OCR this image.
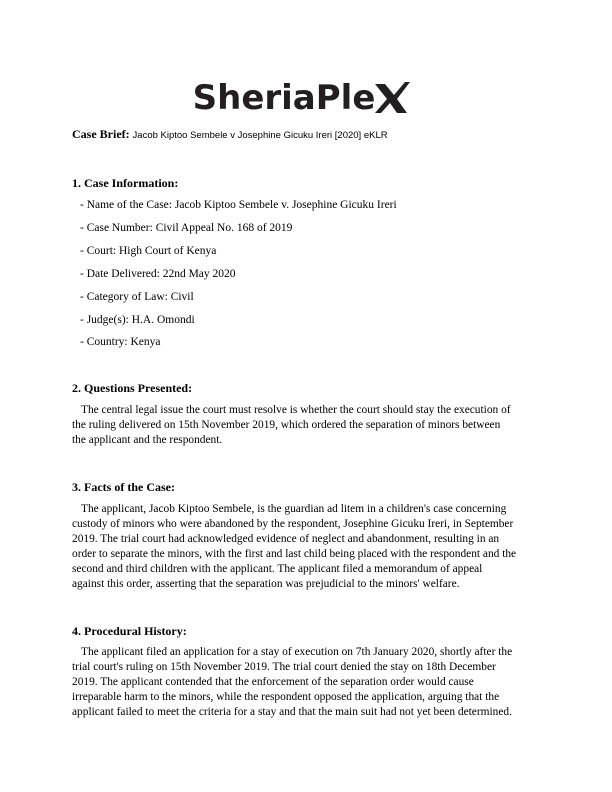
SheriaPle
Case Brief: Jacob Kiptoo Sembele v Josephine Gicuku Ireri [2020] eKLR
1. Case Information:
- Name of the Case: Jacob Kiptoo Sembele v. Josephine Gicuku Ireri
- Case Number: Civil Appeal No. 168 of 2019
- Court: High Court of Kenya
- Date Delivered: 22nd May 2020
- Category of Law: Civil
- Judge(s): H.A. Omondi
- Country: Kenya
2. Questions Presented:
The central legal issue the court must resolve is whether the court should stay the execution of
the ruling delivered on 15th November 2019, which ordered the separation of minors between
the applicant and the respondent.
3. Facts of the Case:
The applicant, Jacob Kiptoo Sembele, is the guardian ad litem in a children's case concerning
custody of minors who were abandoned by the respondent, Josephine Gicuku Ireri, in September
2019. The trial court had acknowledged evidence of neglect and abandonment, resulting in an
order to separate the minors, with the first and last child being placed with the respondent and the
second and third children with the applicant. The applicant filed a memorandum of appeal
against this order, asserting that the separation was prejudicial to the minors' welfare.
4. Procedural History:
The applicant filed an application for a stay of execution on 7th January 2020, shortly after the
trial court's ruling on 15th November 2019. The trial court denied the stay on 18th December
2019. The applicant contended that the enforcement of the separation order would cause
irreparable harm to the minors, while the respondent opposed the application, arguing that the
applicant failed to meet the criteria for a stay and that the main suit had not yet been determined.
